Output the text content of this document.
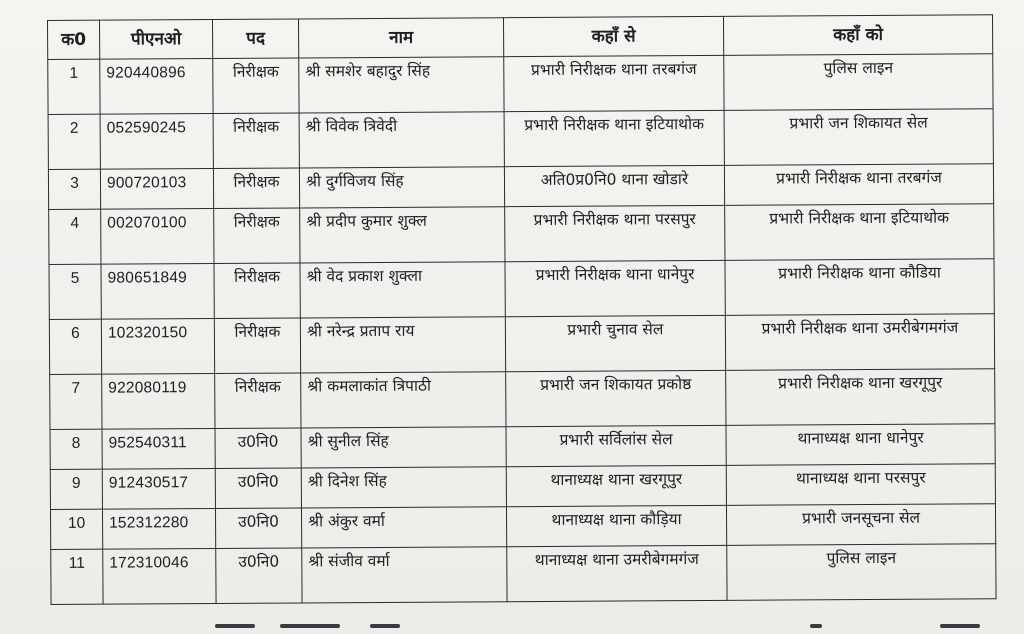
क0	पीएनओ	पद	नाम	कहाँ से	कहाँ को
1	920440896	निरीक्षक	श्री समशेर बहादुर सिंह	प्रभारी निरीक्षक थाना तरबगंज	पुलिस लाइन
2	052590245	निरीक्षक	श्री विवेक त्रिवेदी	प्रभारी निरीक्षक थाना इटियाथोक	प्रभारी जन शिकायत सेल
3	900720103	निरीक्षक	श्री दुर्गविजय सिंह	अति0प्र0नि0 थाना खोडारे	प्रभारी निरीक्षक थाना तरबगंज
4	002070100	निरीक्षक	श्री प्रदीप कुमार शुक्ल	प्रभारी निरीक्षक थाना परसपुर	प्रभारी निरीक्षक थाना इटियाथोक
5	980651849	निरीक्षक	श्री वेद प्रकाश शुक्ला	प्रभारी निरीक्षक थाना धानेपुर	प्रभारी निरीक्षक थाना कौडिया
6	102320150	निरीक्षक	श्री नरेन्द्र प्रताप राय	प्रभारी चुनाव सेल	प्रभारी निरीक्षक थाना उमरीबेगमगंज
7	922080119	निरीक्षक	श्री कमलाकांत त्रिपाठी	प्रभारी जन शिकायत प्रकोष्ठ	प्रभारी निरीक्षक थाना खरगूपुर
8	952540311	उ0नि0	श्री सुनील सिंह	प्रभारी सर्विलांस सेल	थानाध्यक्ष थाना धानेपुर
9	912430517	उ0नि0	श्री दिनेश सिंह	थानाध्यक्ष थाना खरगूपुर	थानाध्यक्ष थाना परसपुर
10	152312280	उ0नि0	श्री अंकुर वर्मा	थानाध्यक्ष थाना कौड़िया	प्रभारी जनसूचना सेल
11	172310046	उ0नि0	श्री संजीव वर्मा	थानाध्यक्ष थाना उमरीबेगमगंज	पुलिस लाइन
